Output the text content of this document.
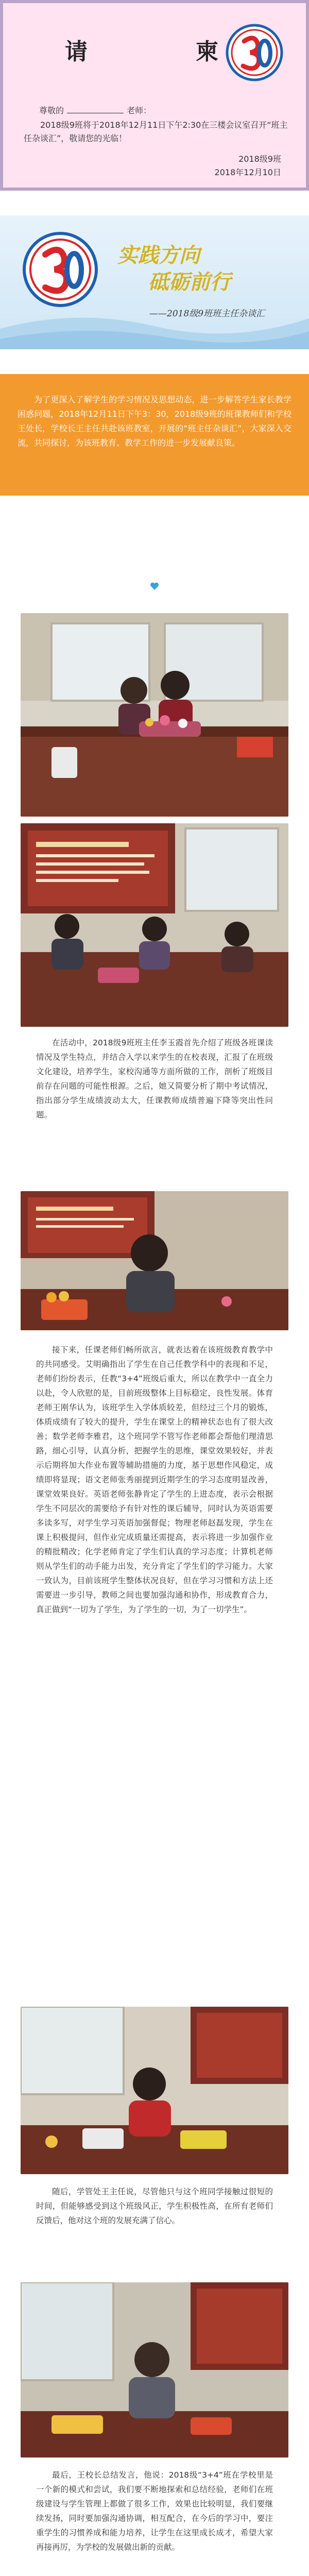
请	柬
尊敬的	老师：

2018级9班将于2018年12月11日下午2:30在三楼会议室召开“班主任杂谈汇”，敬请您的光临！

2018级9班
2018年12月10日
实践方向
砥砺前行
——2018级9班班主任杂谈汇

为了更深入了解学生的学习情况及思想动态，进一步解答学生家长教学困惑问题，2018年12月11日下午3：30，2018级9班的班课教师们和学校王处长，学校长王主任共赴该班教室，开展的“班主任杂谈汇”，大家深入交流，共同探讨，为该班教育、教学工作的进一步发展献良策。

在活动中，2018级9班班主任李玉霞首先介绍了班级各班课读情况及学生特点，并结合入学以来学生的在校表现，汇报了在班级文化建设，培养学生，家校沟通等方面所做的工作，剖析了班级目前存在问题的可能性根源。之后，她又简要分析了期中考试情况，指出部分学生成绩波动太大，任课教师成绩普遍下降等突出性问题。

接下来，任课老师们畅所欲言，就表达着在该班级教育教学中的共同感受。艾明确指出了学生在自己任教学科中的表现和不足，老师们纷纷表示，任教“3+4”班级后重大，所以在教学中一直全力以赴，令人欣慰的是，目前班级整体上目标稳定，良性发展。体育老师王刚华认为，该班学生入学体质较差，但经过三个月的锻炼，体质成绩有了较大的提升，学生在课堂上的精神状态也有了很大改善；数学老师李雅君，这个班同学不管写作老师都会帮他们理清思路，细心引导，认真分析，把握学生的思维，课堂效果较好，并表示后期将加大作业布置等辅助措施的力度，基于思想作风稳定，成绩即将显现；语文老师张秀丽提到近期学生的学习态度明显改善，课堂效果良好。英语老师张静肯定了学生的上进态度，表示会根据学生不同层次的需要给予有针对性的课后辅导，同时认为英语需要多读多写，对学生学习英语加强督促；物理老师赵磊发现，学生在课上积极提问，但作业完成质量还需提高，表示将进一步加强作业的精批精改；化学老师肯定了学生们认真的学习态度；计算机老师则从学生们的动手能力出发，充分肯定了学生们的学习能力。大家一致认为，目前该班学生整体状况良好，但在学习习惯和方法上还需要进一步引导，教师之间也要加强沟通和协作，形成教育合力，真正做到“一切为了学生，为了学生的一切，为了一切学生”。

随后，学管处王主任说，尽管他只与这个班同学接触过很短的时间，但能够感受到这个班级风正，学生积极性高，在所有老师们反馈后，他对这个班的发展充满了信心。

最后，王校长总结发言，他说：2018级“3+4”班在学校里是一个新的模式和尝试，我们要不断地探索和总结经验，老师们在班级建设与学生管理上都做了很多工作，效果也比较明显，我们要继续发扬，同时要加强沟通协调，相互配合，在今后的学习中，要注重学生的习惯养成和能力培养，让学生在这里成长成才，希望大家再接再厉，为学校的发展做出新的贡献。
